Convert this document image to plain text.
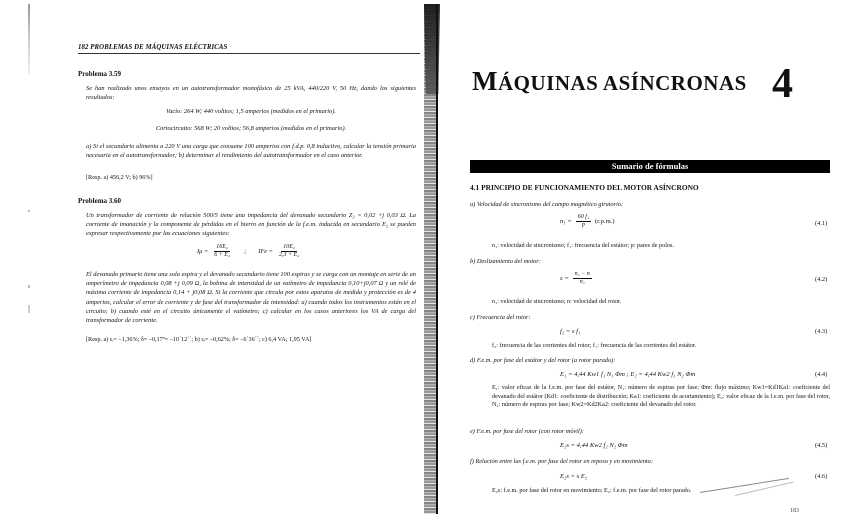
182 PROBLEMAS DE MÁQUINAS ELÉCTRICAS
Problema 3.59
Se han realizado unos ensayos en un autotransformador monofásico de 25 kVA, 440/220 V, 50 Hz, dando los siguientes resultados:
Vacío: 264 W; 440 voltios; 1,5 amperios (medidos en el primario).
Cortocircuito: 568 W; 20 voltios; 56,8 amperios (medidos en el primario).
a) Si el secundario alimenta a 220 V una carga que consume 100 amperios con f.d.p. 0,8 inductivo, calcular la tensión primaria necesaria en el autotransformador; b) determinar el rendimiento del autotransformador en el caso anterior.
[Resp. a) 456,2 V; b) 96%]
Problema 3.60
Un transformador de corriente de relación 500/5 tiene una impedancia del devanado secundario Z₂ = 0,02 +j 0,03 Ω. La corriente de imanación y la componente de pérdidas en el hierro en función de la f.e.m. inducida en secundario E₂ se pueden expresar respectivamente por las ecuaciones siguientes:
$I\mu = \frac{\text{16E₂}}{\text{6 + E₂}}$ ; IFe = $\frac{\text{10E₂}}{\text{2,3 + E₂}}$
El devanado primario tiene una sola espira y el devanado secundario tiene 100 espiras y se carga con un montaje en serie de un amperímetro de impedancia 0,08 +j 0,09 Ω, la bobina de intensidad de un vatímetro de impedancia 0,10+j0,07 Ω y un relé de máxima corriente de impedancia 0,14 + j0,08 Ω. Si la corriente que circula por estos aparatos de medida y protección es de 4 amperios, calcular el error de corriente y de fase del transformador de intensidad: a) cuando todos los instrumentos están en el circuito; b) cuando esté en el circuito únicamente el vatímetro; c) calcular en los casos anteriores los VA de carga del transformador de corriente.
[Resp. a) εᵢ= –1,36%; δ= –0,17º= –10´12´´; b) εᵢ= –0,62%; δ= –6´36´´; c) 6,4 VA; 1,95 VA]
MÁQUINAS ASÍNCRONAS 4
Sumario de fórmulas
4.1 PRINCIPIO DE FUNCIONAMIENTO DEL MOTOR ASÍNCRONO
a) Velocidad de sincronismo del campo magnético giratorio:
$n_1 = \frac{\text{60 f₁}}{p} (r.p.m.)$	(4.1)
n₁: velocidad de sincronismo; f₁: frecuencia del estátor; p: pares de polos.
b) Deslizamiento del motor:
$s = \frac{\text{n₁ − n}}{\text{n₁}}$	(4.2)
n₁: velocidad de sincronismo; n: velocidad del rotor.
c) Frecuencia del rotor:
f₂ = s f₁	(4.3)
f₂: frecuencia de las corrientes del rotor; f₁: frecuencia de las corrientes del estátor.
d) F.e.m. por fase del estátor y del rotor (a rotor parado):
E₁ = 4,44 Kw1 f₁ N₁ Φm ; E₂ = 4,44 Kw2 f₁ N₂ Φm	(4.4)
E₁: valor eficaz de la f.e.m. por fase del estátor, N₁: número de espiras por fase; Φm: flujo máximo; Kw1=Kd1Ka1: coeficiente del devanado del estátor (Kd1: coeficiente de distribución; Ka1: coeficiente de acortamiento); E₂: valor eficaz de la f.e.m. por fase del rotor, N₂: número de espiras por fase; Kw2=Kd2Ka2: coeficiente del devanado del rotor.
e) F.e.m. por fase del rotor (con rotor móvil):
E₂s = 4,44 Kw2 f₂ N₂ Φm	(4.5)
f) Relación entre las f.e.m. por fase del rotor en reposo y en movimiento:
E₂s = s E₂	(4.6)
E₂s: f.e.m. por fase del rotor en movimiento; E₂: f.e.m. por fase del rotor parado.
183
